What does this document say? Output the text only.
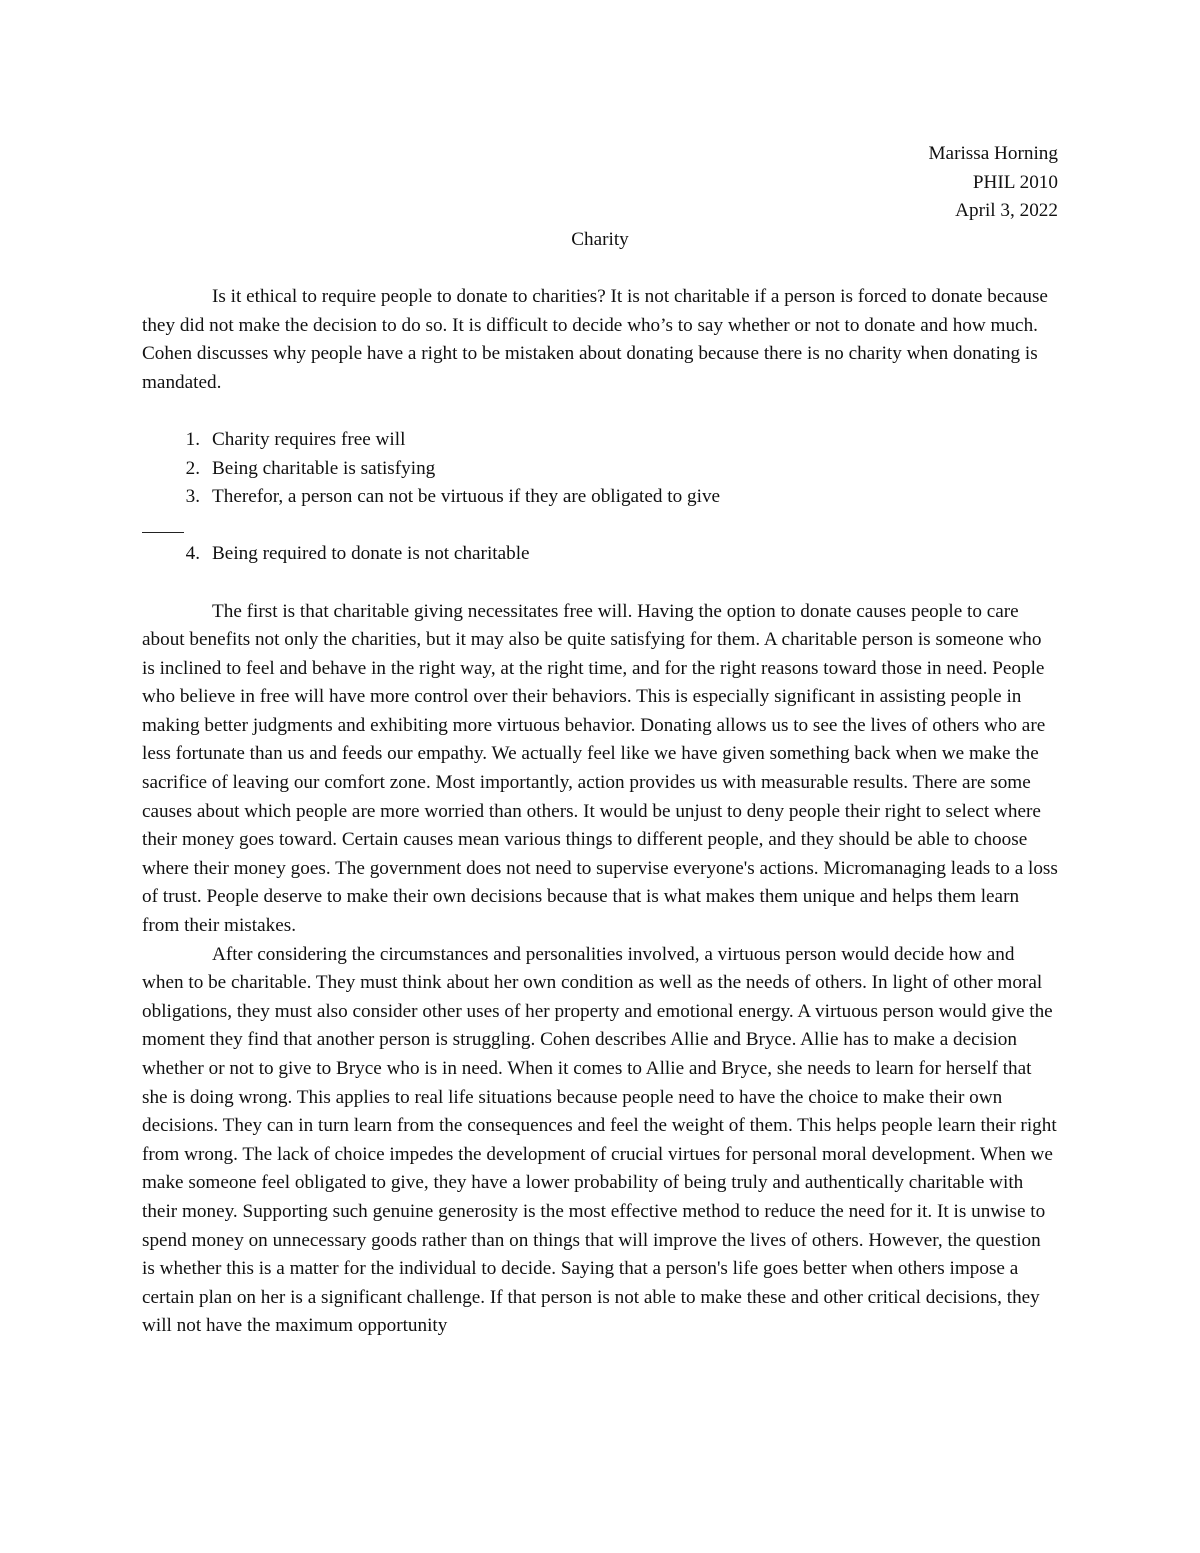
Marissa Horning
PHIL 2010
April 3, 2022

Charity

Is it ethical to require people to donate to charities? It is not charitable if a person is forced to donate because they did not make the decision to do so. It is difficult to decide who’s to say whether or not to donate and how much. Cohen discusses why people have a right to be mistaken about donating because there is no charity when donating is mandated.

1. Charity requires free will
2. Being charitable is satisfying
3. Therefor, a person can not be virtuous if they are obligated to give
4. Being required to donate is not charitable

The first is that charitable giving necessitates free will. Having the option to donate causes people to care about benefits not only the charities, but it may also be quite satisfying for them. A charitable person is someone who is inclined to feel and behave in the right way, at the right time, and for the right reasons toward those in need. People who believe in free will have more control over their behaviors. This is especially significant in assisting people in making better judgments and exhibiting more virtuous behavior. Donating allows us to see the lives of others who are less fortunate than us and feeds our empathy. We actually feel like we have given something back when we make the sacrifice of leaving our comfort zone. Most importantly, action provides us with measurable results. There are some causes about which people are more worried than others. It would be unjust to deny people their right to select where their money goes toward. Certain causes mean various things to different people, and they should be able to choose where their money goes. The government does not need to supervise everyone's actions. Micromanaging leads to a loss of trust. People deserve to make their own decisions because that is what makes them unique and helps them learn from their mistakes.

After considering the circumstances and personalities involved, a virtuous person would decide how and when to be charitable. They must think about her own condition as well as the needs of others. In light of other moral obligations, they must also consider other uses of her property and emotional energy. A virtuous person would give the moment they find that another person is struggling. Cohen describes Allie and Bryce. Allie has to make a decision whether or not to give to Bryce who is in need. When it comes to Allie and Bryce, she needs to learn for herself that she is doing wrong. This applies to real life situations because people need to have the choice to make their own decisions. They can in turn learn from the consequences and feel the weight of them. This helps people learn their right from wrong. The lack of choice impedes the development of crucial virtues for personal moral development. When we make someone feel obligated to give, they have a lower probability of being truly and authentically charitable with their money. Supporting such genuine generosity is the most effective method to reduce the need for it. It is unwise to spend money on unnecessary goods rather than on things that will improve the lives of others. However, the question is whether this is a matter for the individual to decide. Saying that a person's life goes better when others impose a certain plan on her is a significant challenge. If that person is not able to make these and other critical decisions, they will not have the maximum opportunity
